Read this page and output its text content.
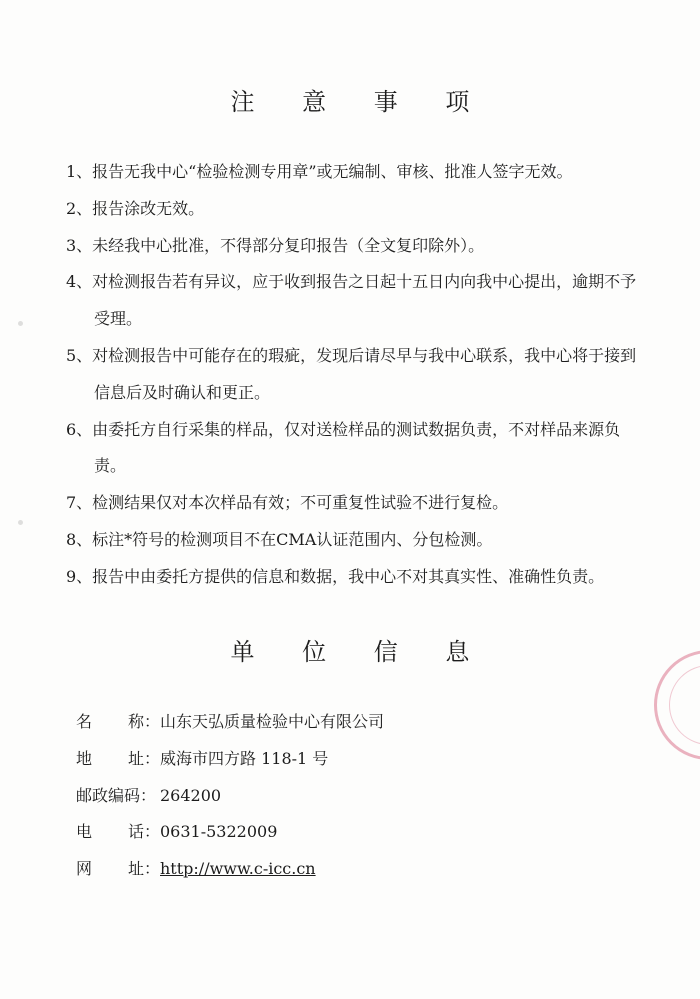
注 意 事 项
1、报告无我中心“检验检测专用章”或无编制、审核、批准人签字无效。
2、报告涂改无效。
3、未经我中心批准，不得部分复印报告（全文复印除外）。
4、对检测报告若有异议，应于收到报告之日起十五日内向我中心提出，逾期不予受理。
5、对检测报告中可能存在的瑕疵，发现后请尽早与我中心联系，我中心将于接到信息后及时确认和更正。
6、由委托方自行采集的样品，仅对送检样品的测试数据负责，不对样品来源负责。
7、检测结果仅对本次样品有效；不可重复性试验不进行复检。
8、标注*符号的检测项目不在CMA认证范围内、分包检测。
9、报告中由委托方提供的信息和数据，我中心不对其真实性、准确性负责。
单 位 信 息
名 称： 山东天弘质量检验中心有限公司
地 址： 威海市四方路 118-1 号
邮政编码： 264200
电 话： 0631-5322009
网 址： http://www.c-icc.cn
